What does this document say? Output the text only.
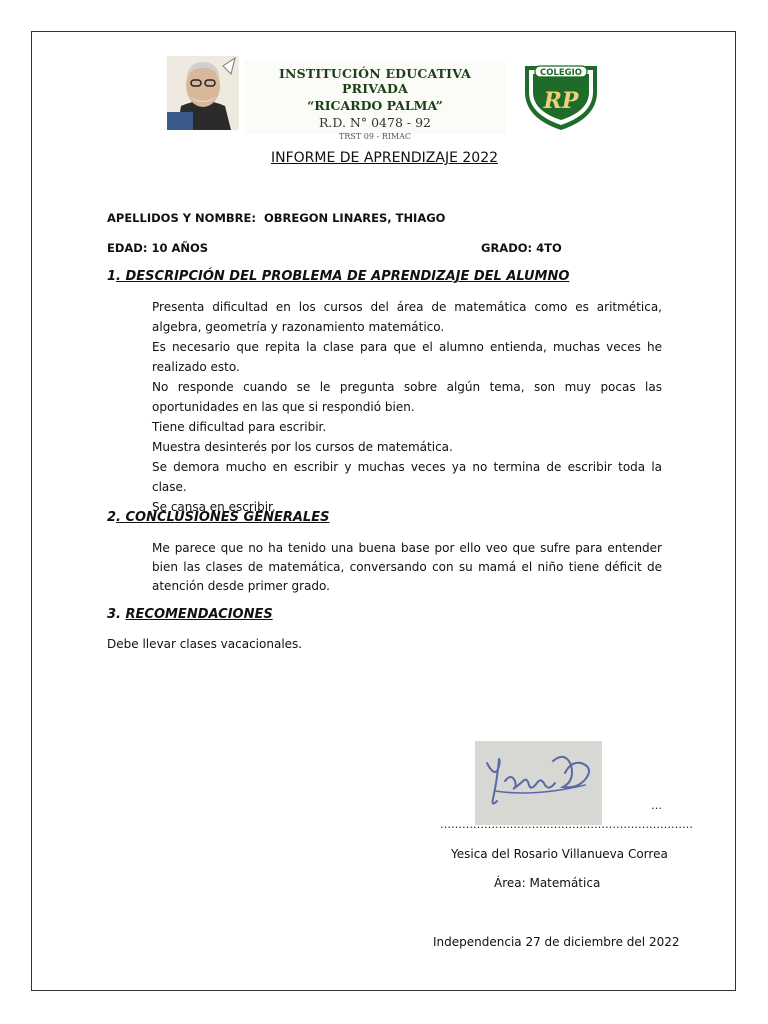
INSTITUCIÓN EDUCATIVA PRIVADA
“RICARDO PALMA”
R.D. N° 0478 - 92
TRST 09 - RIMAC
COLEGIO
RP
INFORME DE APRENDIZAJE 2022
APELLIDOS Y NOMBRE: OBREGON LINARES, THIAGO
EDAD: 10 AÑOS	GRADO: 4TO
1. DESCRIPCIÓN DEL PROBLEMA DE APRENDIZAJE DEL ALUMNO

Presenta dificultad en los cursos del área de matemática como es aritmética, algebra, geometría y razonamiento matemático.

Es necesario que repita la clase para que el alumno entienda, muchas veces he realizado esto.

No responde cuando se le pregunta sobre algún tema, son muy pocas las oportunidades en las que si respondió bien.

Tiene dificultad para escribir.

Muestra desinterés por los cursos de matemática.

Se demora mucho en escribir y muchas veces ya no termina de escribir toda la clase.

Se cansa en escribir.

2. CONCLUSIONES GENERALES

Me parece que no ha tenido una buena base por ello veo que sufre para entender bien las clases de matemática, conversando con su mamá el niño tiene déficit de atención desde primer grado.

3. RECOMENDACIONES
Debe llevar clases vacacionales.
…
……………………………………………………………
Yesica del Rosario Villanueva Correa
Área: Matemática
Independencia 27 de diciembre del 2022
